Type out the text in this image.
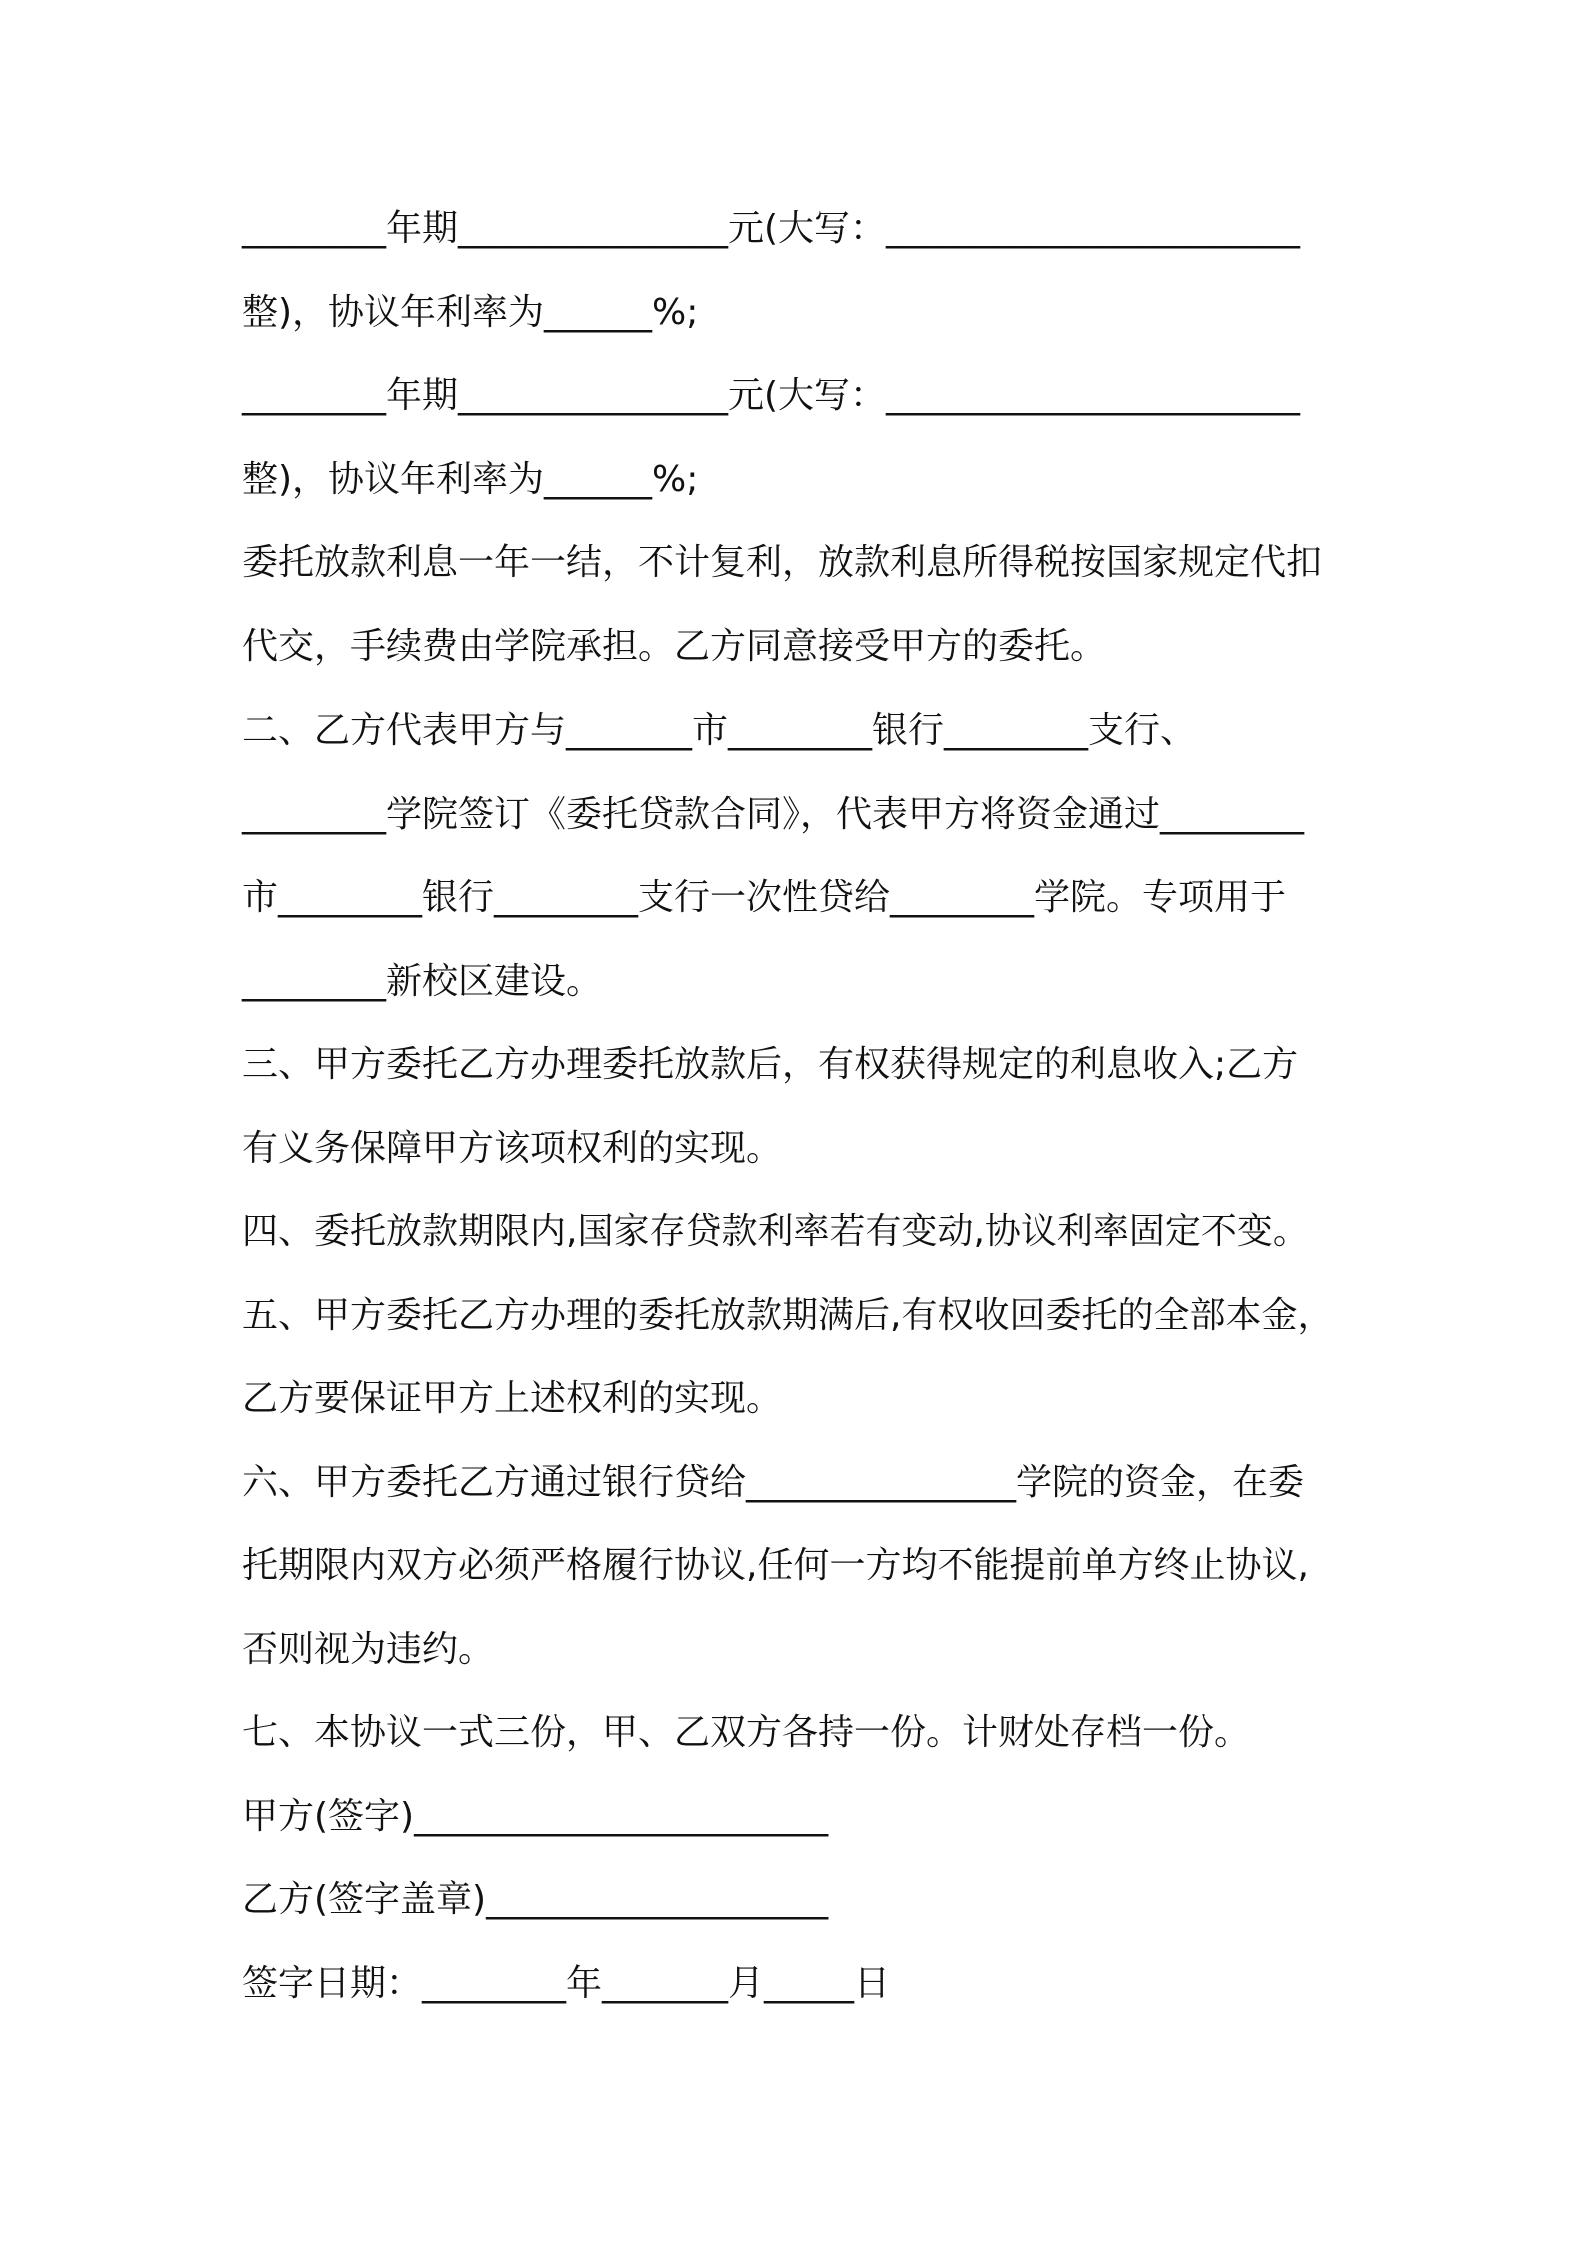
________年期_______________元(大写：_______________________
整)，协议年利率为______%;
________年期_______________元(大写：_______________________
整)，协议年利率为______%;
委托放款利息一年一结，不计复利，放款利息所得税按国家规定代扣
代交，手续费由学院承担。乙方同意接受甲方的委托。
二、乙方代表甲方与_______市________银行________支行、
________学院签订《委托贷款合同》，代表甲方将资金通过________
市________银行________支行一次性贷给________学院。专项用于
________新校区建设。
三、甲方委托乙方办理委托放款后，有权获得规定的利息收入;乙方
有义务保障甲方该项权利的实现。
四、委托放款期限内,国家存贷款利率若有变动,协议利率固定不变。
五、甲方委托乙方办理的委托放款期满后,有权收回委托的全部本金，
乙方要保证甲方上述权利的实现。
六、甲方委托乙方通过银行贷给_______________学院的资金，在委
托期限内双方必须严格履行协议,任何一方均不能提前单方终止协议,
否则视为违约。
七、本协议一式三份，甲、乙双方各持一份。计财处存档一份。
甲方(签字)_______________________
乙方(签字盖章)___________________
签字日期：________年_______月_____日
